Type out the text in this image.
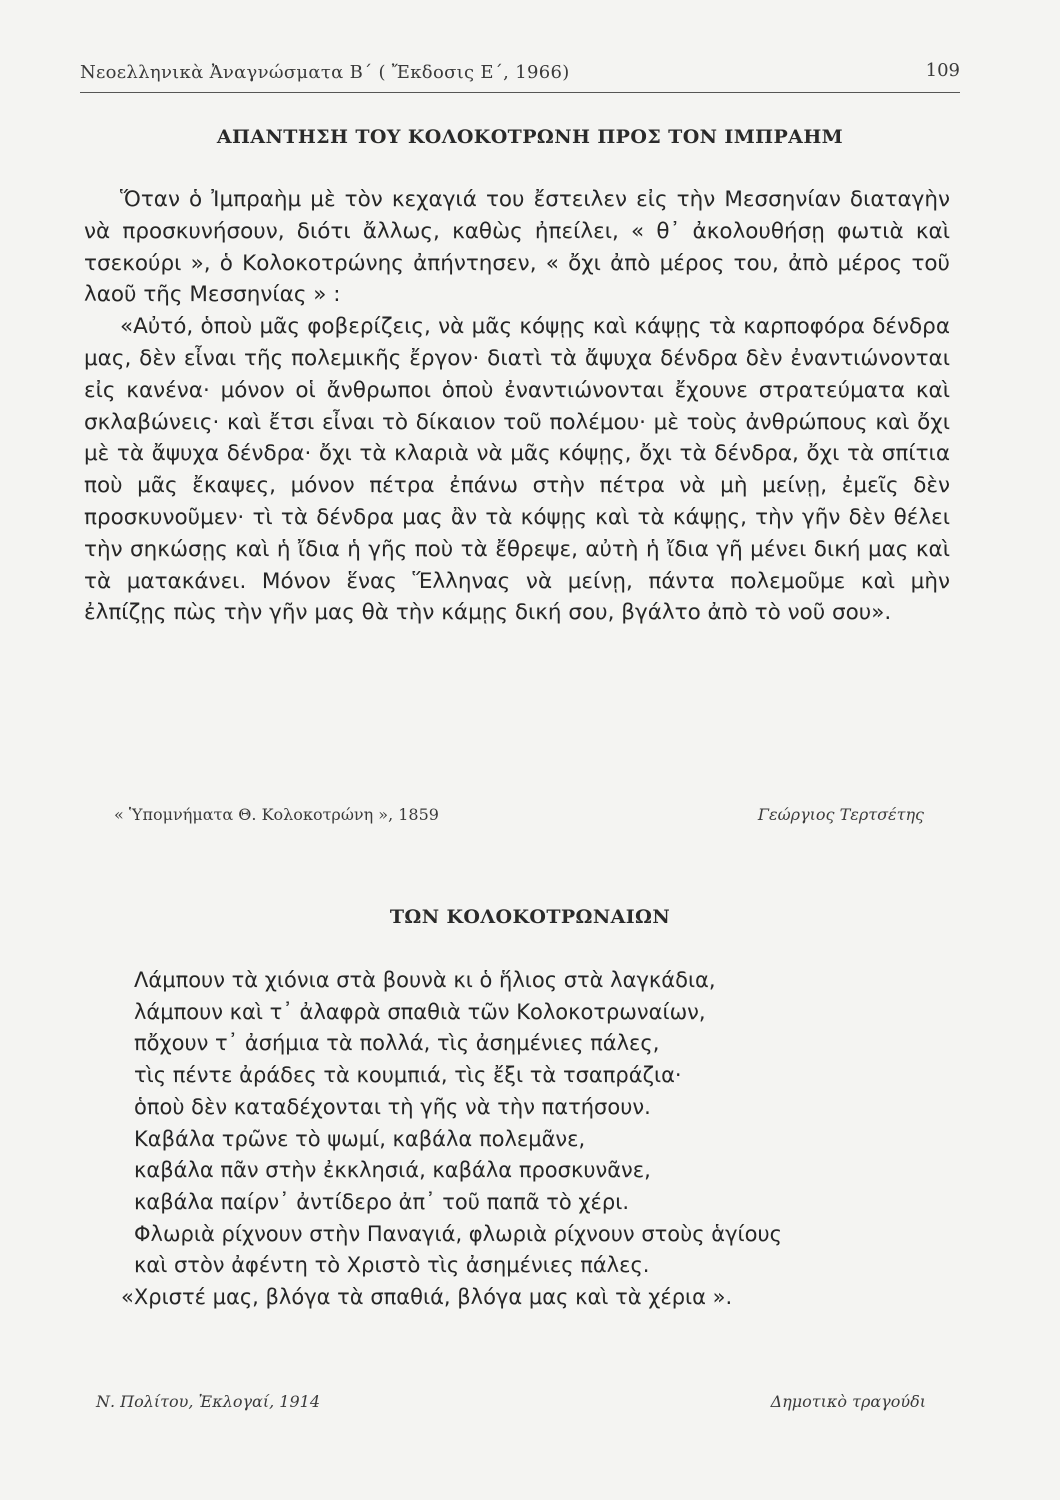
Νεοελληνικὰ Ἀναγνώσματα Β΄ ( Ἔκδοσις Ε΄, 1966)	109
ΑΠΑΝΤΗΣΗ ΤΟΥ ΚΟΛΟΚΟΤΡΩΝΗ ΠΡΟΣ ΤΟΝ ΙΜΠΡΑΗΜ

Ὅταν ὁ Ἰμπραὴμ μὲ τὸν κεχαγιά του ἔστειλεν εἰς τὴν Μεσσηνίαν διαταγὴν νὰ προσκυνήσουν, διότι ἄλλως, καθὼς ἠπείλει, « θ᾽ ἀκολουθήσῃ φωτιὰ καὶ τσεκούρι », ὁ Κολοκοτρώνης ἀπήντησεν, « ὄχι ἀπὸ μέρος του, ἀπὸ μέρος τοῦ λαοῦ τῆς Μεσσηνίας » :

«Αὐτό, ὁποὺ μᾶς φοβερίζεις, νὰ μᾶς κόψῃς καὶ κάψῃς τὰ καρποφόρα δένδρα μας, δὲν εἶναι τῆς πολεμικῆς ἔργον· διατὶ τὰ ἄψυχα δένδρα δὲν ἐναντιώνονται εἰς κανένα· μόνον οἱ ἄνθρωποι ὁποὺ ἐναντιώνονται ἔχουνε στρατεύματα καὶ σκλαβώνεις· καὶ ἔτσι εἶναι τὸ δίκαιον τοῦ πολέμου· μὲ τοὺς ἀνθρώπους καὶ ὄχι μὲ τὰ ἄψυχα δένδρα· ὄχι τὰ κλαριὰ νὰ μᾶς κόψῃς, ὄχι τὰ δένδρα, ὄχι τὰ σπίτια ποὺ μᾶς ἔκαψες, μόνον πέτρα ἐπάνω στὴν πέτρα νὰ μὴ μείνῃ, ἐμεῖς δὲν προσκυνοῦμεν· τὶ τὰ δένδρα μας ἂν τὰ κόψῃς καὶ τὰ κάψῃς, τὴν γῆν δὲν θέλει τὴν σηκώσῃς καὶ ἡ ἴδια ἡ γῆς ποὺ τὰ ἔθρεψε, αὐτὴ ἡ ἴδια γῆ μένει δική μας καὶ τὰ ματακάνει. Μόνον ἕνας Ἕλληνας νὰ μείνῃ, πάντα πολεμοῦμε καὶ μὴν ἐλπίζῃς πὼς τὴν γῆν μας θὰ τὴν κάμῃς δική σου, βγάλτο ἀπὸ τὸ νοῦ σου».

« Ὑπομνήματα Θ. Κολοκοτρώνη », 1859	Γεώργιος Τερτσέτης
ΤΩΝ ΚΟΛΟΚΟΤΡΩΝΑΙΩΝ
Λάμπουν τὰ χιόνια στὰ βουνὰ κι ὁ ἥλιος στὰ λαγκάδια,
λάμπουν καὶ τ᾽ ἀλαφρὰ σπαθιὰ τῶν Κολοκοτρωναίων,
πὄχουν τ᾽ ἀσήμια τὰ πολλά, τὶς ἀσημένιες πάλες,
τὶς πέντε ἀράδες τὰ κουμπιά, τὶς ἔξι τὰ τσαπράζια·
ὁποὺ δὲν καταδέχονται τὴ γῆς νὰ τὴν πατήσουν.
Καβάλα τρῶνε τὸ ψωμί, καβάλα πολεμᾶνε,
καβάλα πᾶν στὴν ἐκκλησιά, καβάλα προσκυνᾶνε,
καβάλα παίρν᾽ ἀντίδερο ἀπ᾽ τοῦ παπᾶ τὸ χέρι.
Φλωριὰ ρίχνουν στὴν Παναγιά, φλωριὰ ρίχνουν στοὺς ἁγίους
καὶ στὸν ἀφέντη τὸ Χριστὸ τὶς ἀσημένιες πάλες.
«Χριστέ μας, βλόγα τὰ σπαθιά, βλόγα μας καὶ τὰ χέρια ».
Ν. Πολίτου, Ἐκλογαί, 1914	Δημοτικὸ τραγούδι
